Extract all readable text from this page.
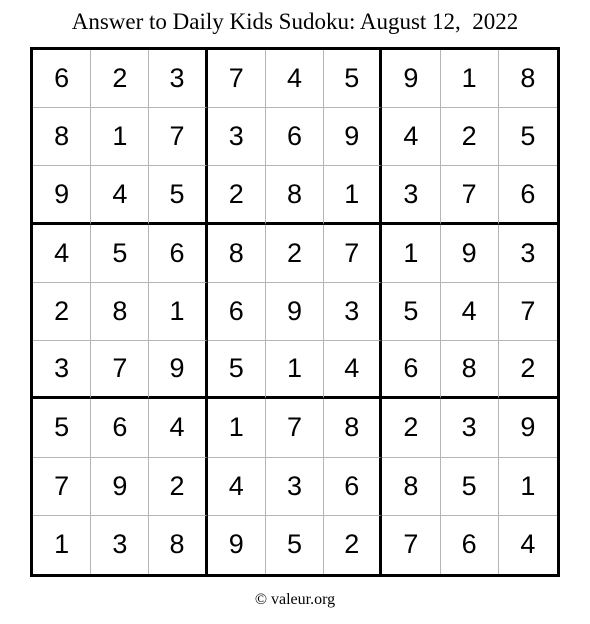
Answer to Daily Kids Sudoku: August 12,  2022
6	2	3	7	4	5	9	1	8
8	1	7	3	6	9	4	2	5
9	4	5	2	8	1	3	7	6
4	5	6	8	2	7	1	9	3
2	8	1	6	9	3	5	4	7
3	7	9	5	1	4	6	8	2
5	6	4	1	7	8	2	3	9
7	9	2	4	3	6	8	5	1
1	3	8	9	5	2	7	6	4
© valeur.org
